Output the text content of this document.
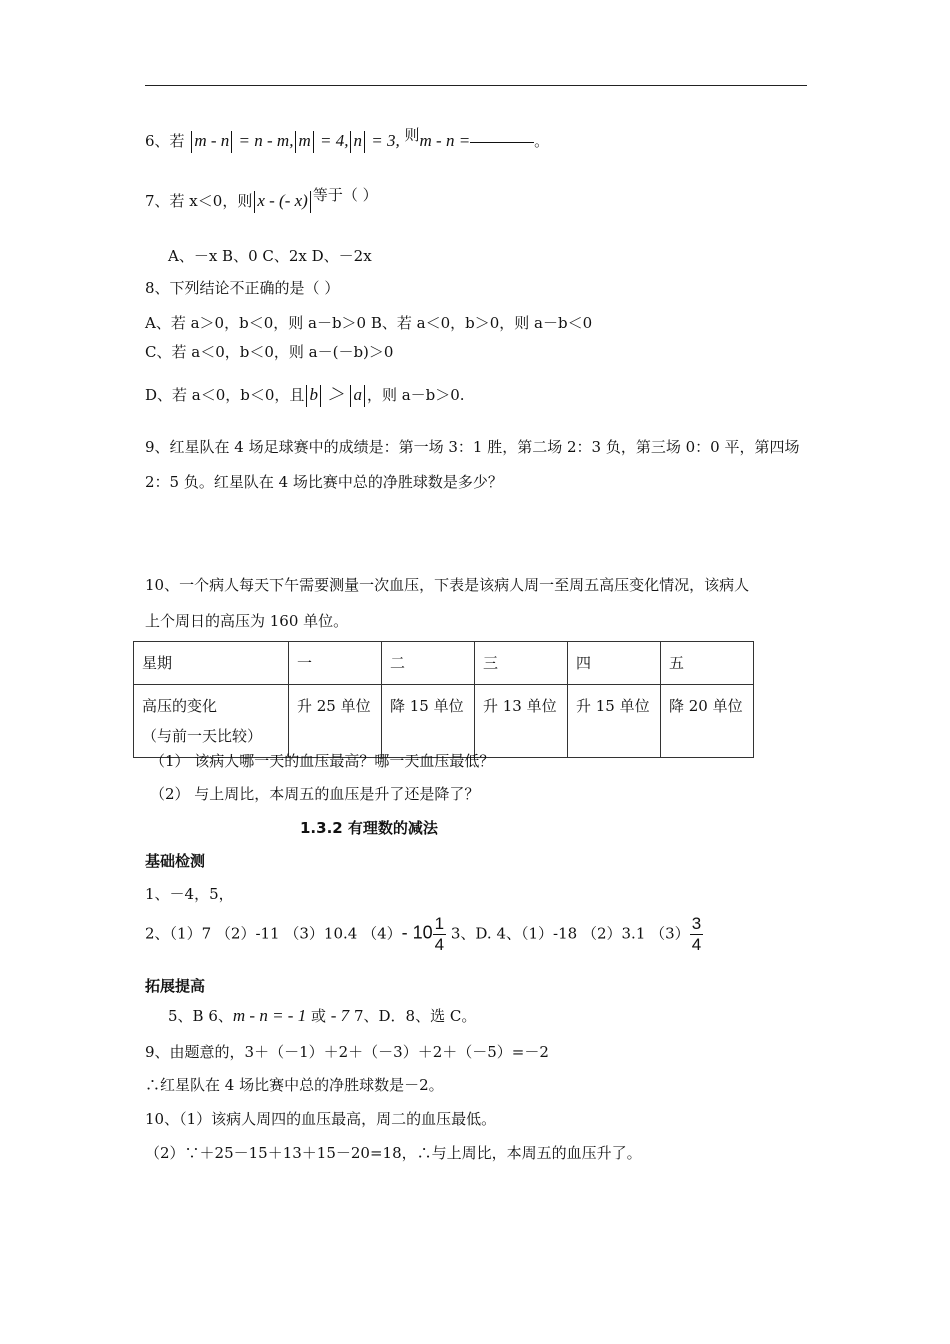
6、若 m - n = n - m, m = 4, n = 3, 则m - n =	。
7、若 x＜0，则 x - (- x) 等于（ ）
A、－x B、0 C、2x D、－2x
8、下列结论不正确的是（ ）
A、若 a＞0，b＜0，则 a－b＞0 B、若 a＜0，b＞0，则 a－b＜0
C、若 a＜0，b＜0，则 a－(－b)＞0
D、若 a＜0，b＜0，且 b ＞ a ，则 a－b＞0.
9、红星队在 4 场足球赛中的成绩是：第一场 3：1 胜，第二场 2：3 负，第三场 0：0 平，第四场
2：5 负。红星队在 4 场比赛中总的净胜球数是多少？
10、一个病人每天下午需要测量一次血压，下表是该病人周一至周五高压变化情况，该病人
上个周日的高压为 160 单位。
星期	一	二	三	四	五

高压的变化
（与前一天比较）	升 25 单位	降 15 单位	升 13 单位	升 15 单位	降 20 单位
（1） 该病人哪一天的血压最高？哪一天血压最低？
（2） 与上周比，本周五的血压是升了还是降了？
1.3.2 有理数的减法
基础检测
1、－4，5，
2、（1）7 （2）-11 （3）10.4 （4）- $10 \frac{1}{4} 3$、D. 4、（1）-18 （2）3.1 $(3) \frac{3}{4}$
拓展提高
5、B 6、m - n = - 1 或 - 7 7、D．8、选 C。
9、由题意的，3＋（－1）＋2＋（－3）＋2＋（－5）=－2
∴红星队在 4 场比赛中总的净胜球数是－2。
10、（1）该病人周四的血压最高，周二的血压最低。
（2）∵＋25－15＋13＋15－20=18，∴与上周比，本周五的血压升了。
